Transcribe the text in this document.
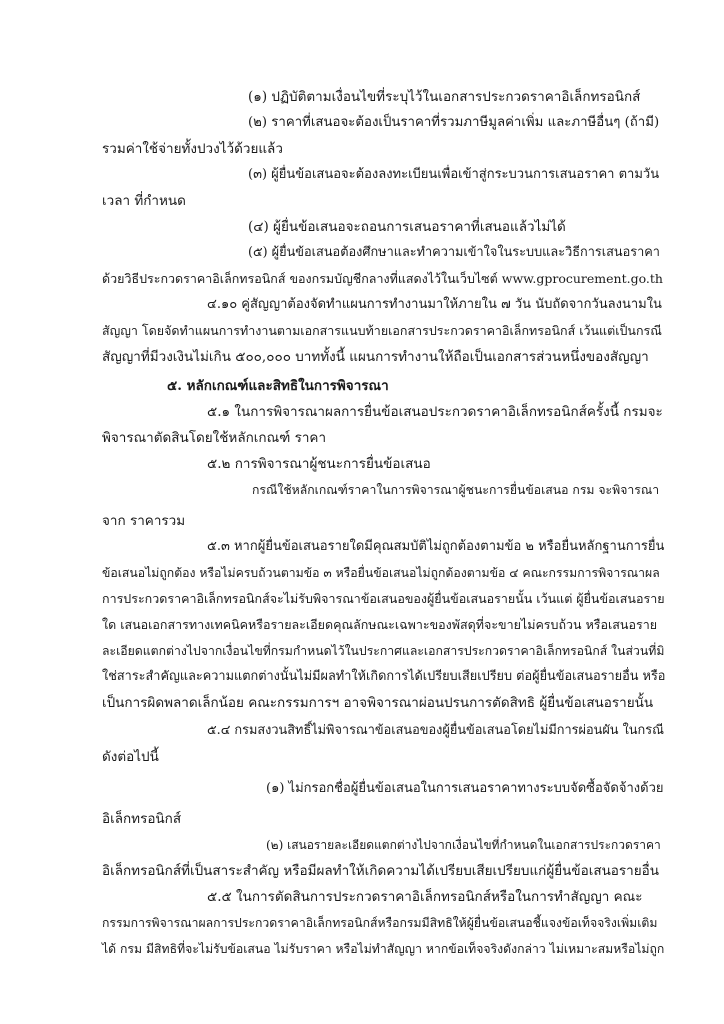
(๑) ปฏิบัติตามเงื่อนไขที่ระบุไว้ในเอกสารประกวดราคาอิเล็กทรอนิกส์
(๒) ราคาที่เสนอจะต้องเป็นราคาที่รวมภาษีมูลค่าเพิ่ม และภาษีอื่นๆ (ถ้ามี)
รวมค่าใช้จ่ายทั้งปวงไว้ด้วยแล้ว
(๓) ผู้ยื่นข้อเสนอจะต้องลงทะเบียนเพื่อเข้าสู่กระบวนการเสนอราคา ตามวัน
เวลา ที่กำหนด
(๔) ผู้ยื่นข้อเสนอจะถอนการเสนอราคาที่เสนอแล้วไม่ได้
(๕) ผู้ยื่นข้อเสนอต้องศึกษาและทำความเข้าใจในระบบและวิธีการเสนอราคา
ด้วยวิธีประกวดราคาอิเล็กทรอนิกส์ ของกรมบัญชีกลางที่แสดงไว้ในเว็บไซต์ www.gprocurement.go.th
๔.๑๐ คู่สัญญาต้องจัดทำแผนการทำงานมาให้ภายใน ๗ วัน นับถัดจากวันลงนามใน
สัญญา โดยจัดทำแผนการทำงานตามเอกสารแนบท้ายเอกสารประกวดราคาอิเล็กทรอนิกส์ เว้นแต่เป็นกรณี
สัญญาที่มีวงเงินไม่เกิน ๕๐๐,๐๐๐ บาททั้งนี้ แผนการทำงานให้ถือเป็นเอกสารส่วนหนึ่งของสัญญา
๕. หลักเกณฑ์และสิทธิในการพิจารณา
๕.๑ ในการพิจารณาผลการยื่นข้อเสนอประกวดราคาอิเล็กทรอนิกส์ครั้งนี้ กรมจะ
พิจารณาตัดสินโดยใช้หลักเกณฑ์ ราคา
๕.๒ การพิจารณาผู้ชนะการยื่นข้อเสนอ
กรณีใช้หลักเกณฑ์ราคาในการพิจารณาผู้ชนะการยื่นข้อเสนอ กรม จะพิจารณา
จาก ราคารวม
๕.๓ หากผู้ยื่นข้อเสนอรายใดมีคุณสมบัติไม่ถูกต้องตามข้อ ๒ หรือยื่นหลักฐานการยื่น
ข้อเสนอไม่ถูกต้อง หรือไม่ครบถ้วนตามข้อ ๓ หรือยื่นข้อเสนอไม่ถูกต้องตามข้อ ๔ คณะกรรมการพิจารณาผล
การประกวดราคาอิเล็กทรอนิกส์จะไม่รับพิจารณาข้อเสนอของผู้ยื่นข้อเสนอรายนั้น เว้นแต่ ผู้ยื่นข้อเสนอราย
ใด เสนอเอกสารทางเทคนิคหรือรายละเอียดคุณลักษณะเฉพาะของพัสดุที่จะขายไม่ครบถ้วน หรือเสนอราย
ละเอียดแตกต่างไปจากเงื่อนไขที่กรมกำหนดไว้ในประกาศและเอกสารประกวดราคาอิเล็กทรอนิกส์ ในส่วนที่มิ
ใช่สาระสำคัญและความแตกต่างนั้นไม่มีผลทำให้เกิดการได้เปรียบเสียเปรียบ ต่อผู้ยื่นข้อเสนอรายอื่น หรือ
เป็นการผิดพลาดเล็กน้อย คณะกรรมการฯ อาจพิจารณาผ่อนปรนการตัดสิทธิ ผู้ยื่นข้อเสนอรายนั้น
๕.๔ กรมสงวนสิทธิ์ไม่พิจารณาข้อเสนอของผู้ยื่นข้อเสนอโดยไม่มีการผ่อนผัน ในกรณี
ดังต่อไปนี้
(๑) ไม่กรอกชื่อผู้ยื่นข้อเสนอในการเสนอราคาทางระบบจัดซื้อจัดจ้างด้วย
อิเล็กทรอนิกส์
(๒) เสนอรายละเอียดแตกต่างไปจากเงื่อนไขที่กำหนดในเอกสารประกวดราคา
อิเล็กทรอนิกส์ที่เป็นสาระสำคัญ หรือมีผลทำให้เกิดความได้เปรียบเสียเปรียบแก่ผู้ยื่นข้อเสนอรายอื่น
๕.๕ ในการตัดสินการประกวดราคาอิเล็กทรอนิกส์หรือในการทำสัญญา คณะ
กรรมการพิจารณาผลการประกวดราคาอิเล็กทรอนิกส์หรือกรมมีสิทธิให้ผู้ยื่นข้อเสนอชี้แจงข้อเท็จจริงเพิ่มเติม
ได้ กรม มีสิทธิที่จะไม่รับข้อเสนอ ไม่รับราคา หรือไม่ทำสัญญา หากข้อเท็จจริงดังกล่าว ไม่เหมาะสมหรือไม่ถูก
